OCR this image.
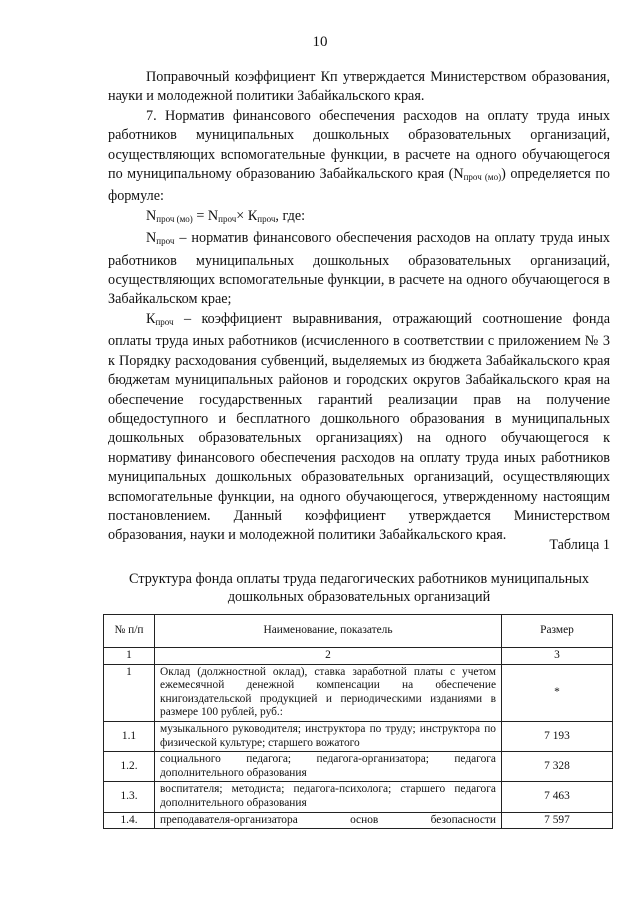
10

Поправочный коэффициент Кп утверждается Министерством образования, науки и молодежной политики Забайкальского края.

7. Норматив финансового обеспечения расходов на оплату труда иных работников муниципальных дошкольных образовательных организаций, осуществляющих вспомогательные функции, в расчете на одного обучающегося по муниципальному образованию Забайкальского края $(N_{проч (мо)})$ определяется по формуле:

$N_{проч (мо)} = N_{проч}\times К_{проч}$, где:

$N_{проч}$ – норматив финансового обеспечения расходов на оплату труда иных работников муниципальных дошкольных образовательных организаций, осуществляющих вспомогательные функции, в расчете на одного обучающегося в Забайкальском крае;

$К_{проч}$ – коэффициент выравнивания, отражающий соотношение фонда оплаты труда иных работников (исчисленного в соответствии с приложением № 3 к Порядку расходования субвенций, выделяемых из бюджета Забайкальского края бюджетам муниципальных районов и городских округов Забайкальского края на обеспечение государственных гарантий реализации прав на получение общедоступного и бесплатного дошкольного образования в муниципальных дошкольных образовательных организациях) на одного обучающегося к нормативу финансового обеспечения расходов на оплату труда иных работников муниципальных дошкольных образовательных организаций, осуществляющих вспомогательные функции, на одного обучающегося, утвержденному настоящим постановлением. Данный коэффициент утверждается Министерством образования, науки и молодежной политики Забайкальского края.

Таблица 1
Структура фонда оплаты труда педагогических работников муниципальных дошкольных образовательных организаций
№ п/п	Наименование, показатель	Размер
1	2	3
1	Оклад (должностной оклад), ставка заработной платы с учетом ежемесячной денежной компенсации на обеспечение книгоиздательской продукцией и периодическими изданиями в размере 100 рублей, руб.:	*
1.1	музыкального руководителя; инструктора по труду; инструктора по физической культуре; старшего вожатого	7 193
1.2.	социального педагога; педагога-организатора; педагога дополнительного образования	7 328
1.3.	воспитателя; методиста; педагога-психолога; старшего педагога дополнительного образования	7 463
1.4.	преподавателя-организатора основ безопасности	7 597
